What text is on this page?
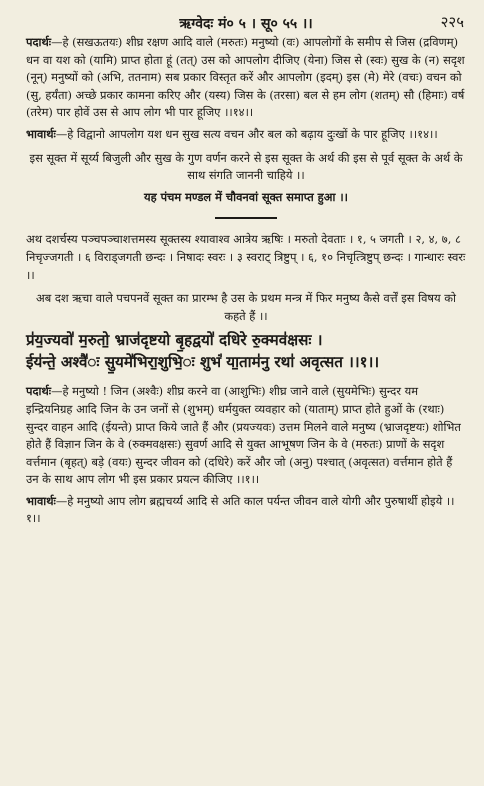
ऋग्वेदः मं० ५ । सू० ५५ ।।	२२५

पदार्थः—हे (सखऊतयः) शीघ्र रक्षण आदि वाले (मरुतः) मनुष्यो (वः) आपलोगों के समीप से जिस (द्रविणम्) धन वा यश को (यामि) प्राप्त होता हूं (तत्) उस को आपलोग दीजिए (येना) जिस से (स्वः) सुख के (न) सदृश (नून्) मनुष्यों को (अभि, ततनाम) सब प्रकार विस्तृत करें और आपलोग (इदम्) इस (मे) मेरे (वचः) वचन को (सु, हर्यंता) अच्छे प्रकार कामना करिए और (यस्य) जिस के (तरसा) बल से हम लोग (शतम्) सौ (हिमाः) वर्ष (तरेम) पार होवें उस से आप लोग भी पार हूजिए ।।१४।।

भावार्थः—हे विद्वानो आपलोग यश धन सुख सत्य वचन और बल को बढ़ाय दुःखों के पार हूजिए ।।१४।।

इस सूक्त में सूर्य्य बिजुली और सुख के गुण वर्णन करने से इस सूक्त के अर्थ की इस से पूर्व सूक्त के अर्थ के साथ संगति जाननी चाहिये ।।

यह पंचम मण्डल में चौवनवां सूक्त समाप्त हुआ ।।

अथ दशर्चस्य पञ्चपञ्चाशत्तमस्य सूक्तस्य श्यावाश्व आत्रेय ऋषिः । मरुतो देवताः । १, ५ जगती । २, ४, ७, ८ निचृज्जगती । ६ विराड्जगती छन्दः । निषादः स्वरः । ३ स्वराट् त्रिष्टुप् । ६, १० निचृत्त्रिष्टुप् छन्दः । गान्धारः स्वरः ।।

अब दश ऋचा वाले पचपनवें सूक्त का प्रारम्भ है उस के प्रथम मन्त्र में फिर मनुष्य कैसे वर्त्तें इस विषय को कहते हैं ।।

प्र॑य॒ज्यवो॑ म॒रुतो॒ भ्राज॑दृष्टयो बृ॒हद्वयो॑ दधिरे रु॒क्मव॑क्षसः ।

ईय॑न्ते॒ अश्वै॑ः सु॒यमे॑भिरा॒शुभि॒ः शुभं॑ या॒ताम॑नु रथा॑ अवृत्सत ।।१।।

पदार्थः—हे मनुष्यो ! जिन (अश्वैः) शीघ्र करने वा (आशुभिः) शीघ्र जाने वाले (सुयमेभिः) सुन्दर यम इन्द्रियनिग्रह आदि जिन के उन जनों से (शुभम्) धर्मयुक्त व्यवहार को (याताम्) प्राप्त होते हुओं के (रथाः) सुन्दर वाहन आदि (ईयन्ते) प्राप्त किये जाते हैं और (प्रयज्यवः) उत्तम मिलने वाले मनुष्य (भ्राजदृष्टयः) शोभित होते हैं विज्ञान जिन के वे (रुक्मवक्षसः) सुवर्ण आदि से युक्त आभूषण जिन के वे (मरुतः) प्राणों के सदृश वर्त्तमान (बृहत्) बड़े (वयः) सुन्दर जीवन को (दधिरे) करें और जो (अनु) पश्चात् (अवृत्सत) वर्त्तमान होते हैं उन के साथ आप लोग भी इस प्रकार प्रयत्न कीजिए ।।१।।

भावार्थः—हे मनुष्यो आप लोग ब्रह्मचर्य्य आदि से अति काल पर्यन्त जीवन वाले योगी और पुरुषार्थी होइये ।।१।।
